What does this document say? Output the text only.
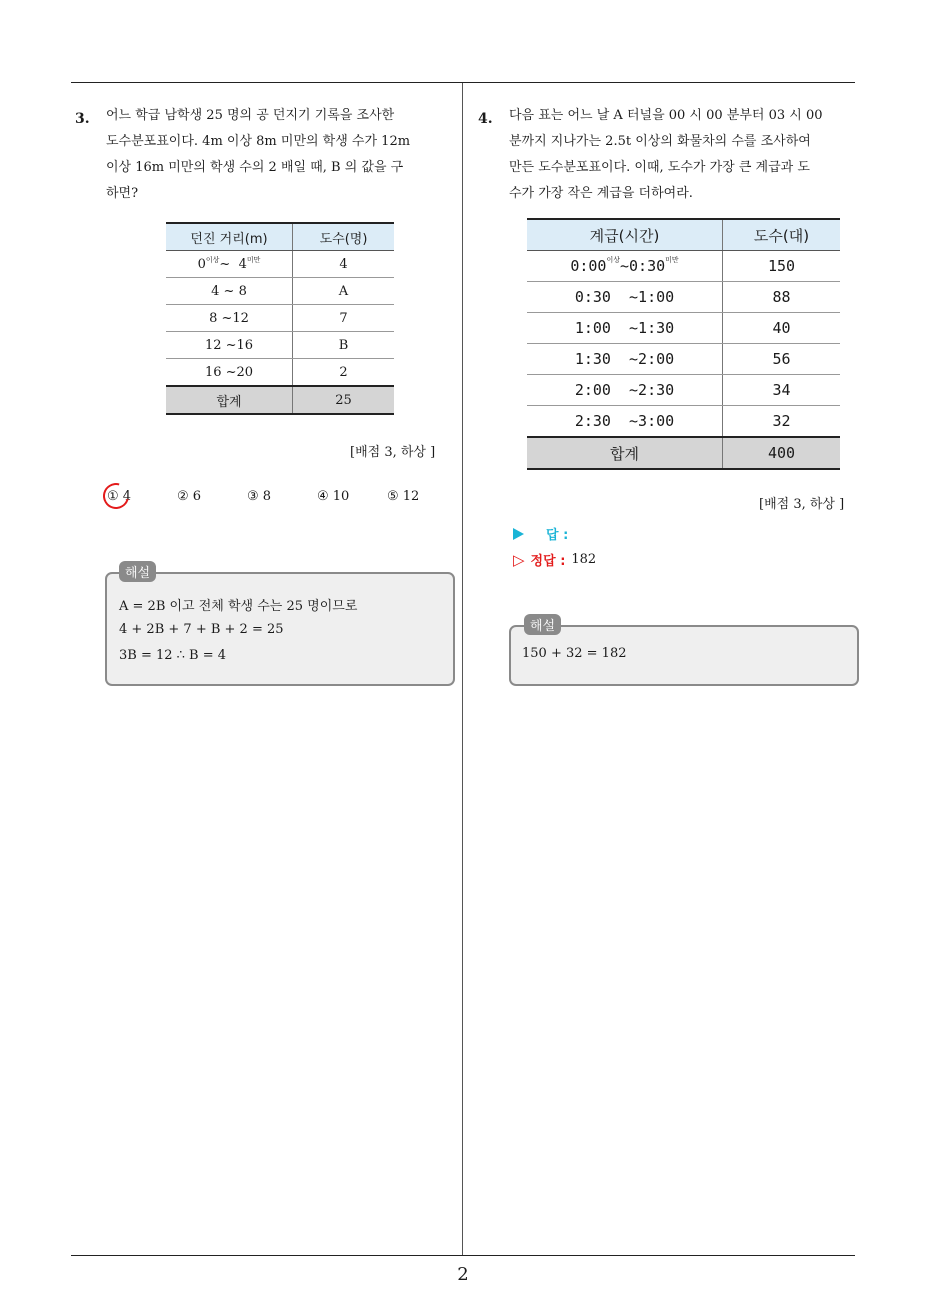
3. 어느 학급 남학생 25 명의 공 던지기 기록을 조사한
도수분포표이다. 4m 이상 8m 미만의 학생 수가 12m
이상 16m 미만의 학생 수의 2 배일 때, B 의 값을 구
하면?
던진 거리(m)	도수(명)
$0^{이상}\sim$ $4^{미만}$	4
4 ~ 8	A
8 ~12	7
12 ~16	B
16 ~20	2
합계	25
[배점 3, 하상 ]
① 4	② 6	③ 8	④ 10	⑤ 12
해설
A = 2B 이고 전체 학생 수는 25 명이므로
4 + 2B + 7 + B + 2 = 25
3B = 12 ∴ B = 4
4. 다음 표는 어느 날 A 터널을 00 시 00 분부터 03 시 00
분까지 지나가는 2.5t 이상의 화물차의 수를 조사하여
만든 도수분포표이다. 이때, 도수가 가장 큰 계급과 도
수가 가장 작은 계급을 더하여라.
계급(시간)	도수(대)
$0:00^{이상}\sim 0:30^{미만}$	150
0:30  ~1:00	88
1:00  ~1:30	40
1:30  ~2:00	56
2:00  ~2:30	34
2:30  ~3:00	32
합계	400
[배점 3, 하상 ]
답 :
▷ 정답 : 182
해설
150 + 32 = 182
2
